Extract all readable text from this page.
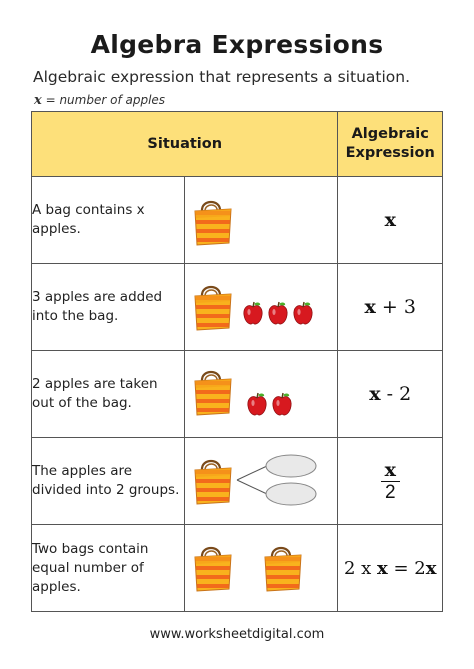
Algebra Expressions
Algebraic expression that represents a situation.
x = number of apples
Situation		Algebraic
Expression
A bag contains x apples.		x
3 apples are added into the bag.		x + 3
2 apples are taken out of the bag.		x - 2
The apples are divided into 2 groups.		$\frac{x}{2}$

Two bags contain equal number of apples.		2 x x = 2x
www.worksheetdigital.com
